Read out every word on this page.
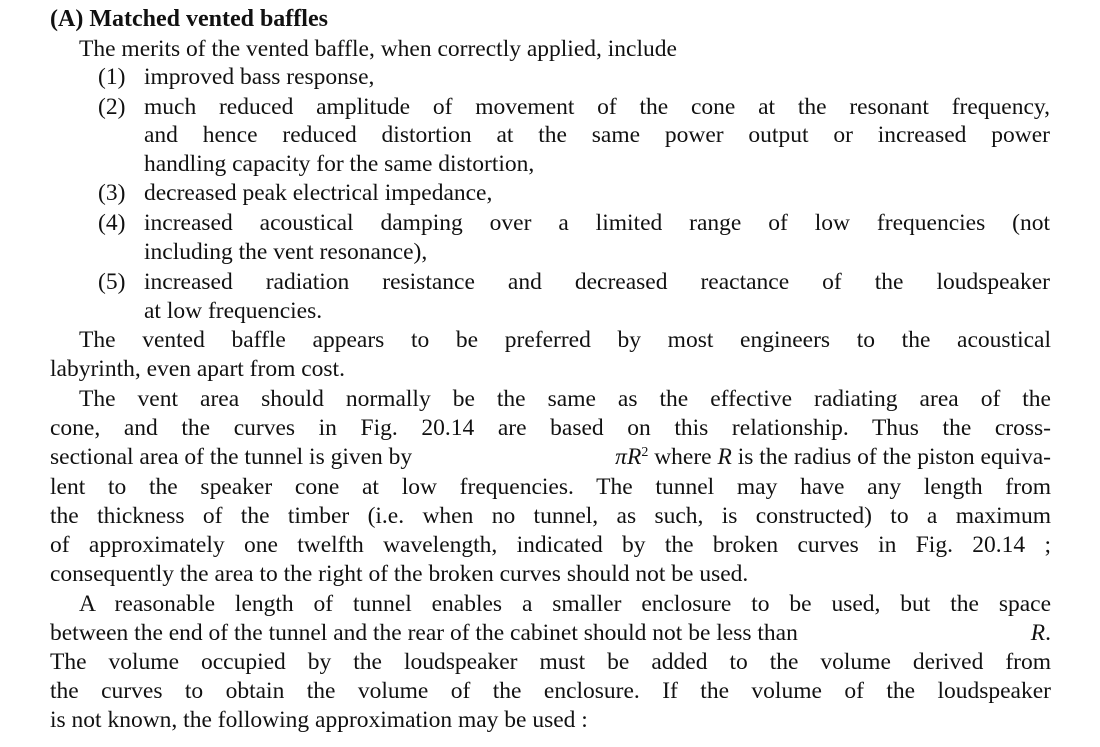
(A) Matched vented baffles
The merits of the vented baffle, when correctly applied, include
(1) improved bass response,
(2) much reduced amplitude of movement of the cone at the resonant frequency,
and hence reduced distortion at the same power output or increased power
handling capacity for the same distortion,
(3) decreased peak electrical impedance,
(4) increased acoustical damping over a limited range of low frequencies (not
including the vent resonance),
(5) increased radiation resistance and decreased reactance of the loudspeaker
at low frequencies.
The vented baffle appears to be preferred by most engineers to the acoustical
labyrinth, even apart from cost.
The vent area should normally be the same as the effective radiating area of the
cone, and the curves in Fig. 20.14 are based on this relationship. Thus the cross-
sectional area of the tunnel is given by	$\pi R^2$ where R is the radius of the piston equiva-
lent to the speaker cone at low frequencies. The tunnel may have any length from
the thickness of the timber (i.e. when no tunnel, as such, is constructed) to a maximum
of approximately one twelfth wavelength, indicated by the broken curves in Fig. 20.14 ;
consequently the area to the right of the broken curves should not be used.
A reasonable length of tunnel enables a smaller enclosure to be used, but the space
between the end of the tunnel and the rear of the cabinet should not be less than	R.
The volume occupied by the loudspeaker must be added to the volume derived from
the curves to obtain the volume of the enclosure. If the volume of the loudspeaker
is not known, the following approximation may be used :
